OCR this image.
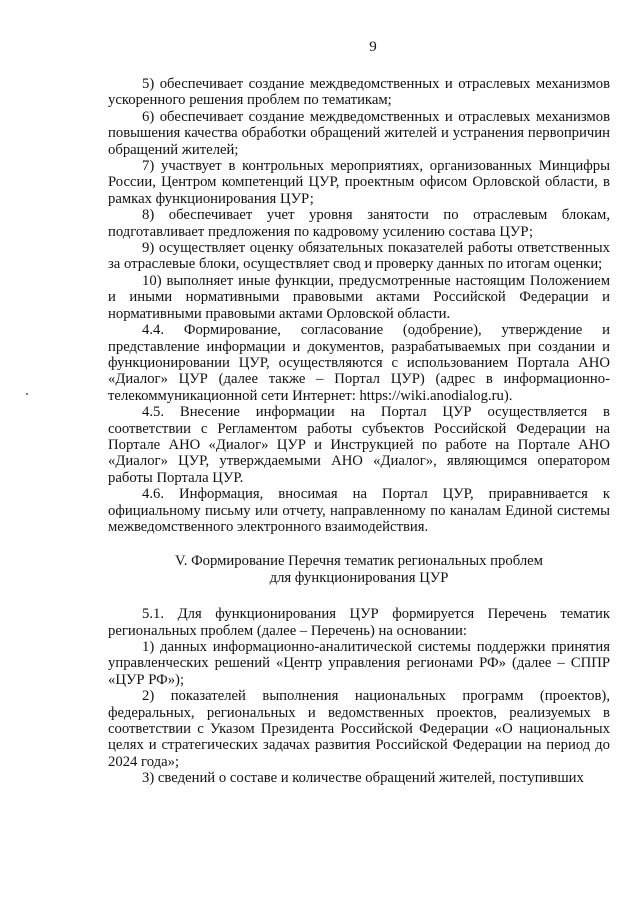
9

5) обеспечивает создание междведомственных и отраслевых механизмов ускоренного решения проблем по тематикам;

6) обеспечивает создание междведомственных и отраслевых механизмов повышения качества обработки обращений жителей и устранения первопричин обращений жителей;

7) участвует в контрольных мероприятиях, организованных Минцифры России, Центром компетенций ЦУР, проектным офисом Орловской области, в рамках функционирования ЦУР;

8) обеспечивает учет уровня занятости по отраслевым блокам, подготавливает предложения по кадровому усилению состава ЦУР;

9) осуществляет оценку обязательных показателей работы ответственных за отраслевые блоки, осуществляет свод и проверку данных по итогам оценки;

10) выполняет иные функции, предусмотренные настоящим Положением и иными нормативными правовыми актами Российской Федерации и нормативными правовыми актами Орловской области.

4.4. Формирование, согласование (одобрение), утверждение и представление информации и документов, разрабатываемых при создании и функционировании ЦУР, осуществляются с использованием Портала АНО «Диалог» ЦУР (далее также – Портал ЦУР) (адрес в информационно-телекоммуникационной сети Интернет: https://wiki.anodialog.ru).

4.5. Внесение информации на Портал ЦУР осуществляется в соответствии с Регламентом работы субъектов Российской Федерации на Портале АНО «Диалог» ЦУР и Инструкцией по работе на Портале АНО «Диалог» ЦУР, утверждаемыми АНО «Диалог», являющимся оператором работы Портала ЦУР.

4.6. Информация, вносимая на Портал ЦУР, приравнивается к официальному письму или отчету, направленному по каналам Единой системы межведомственного электронного взаимодействия.

V. Формирование Перечня тематик региональных проблем
для функционирования ЦУР

5.1. Для функционирования ЦУР формируется Перечень тематик региональных проблем (далее – Перечень) на основании:

1) данных информационно-аналитической системы поддержки принятия управленческих решений «Центр управления регионами РФ» (далее – СППР «ЦУР РФ»);

2) показателей выполнения национальных программ (проектов), федеральных, региональных и ведомственных проектов, реализуемых в соответствии с Указом Президента Российской Федерации «О национальных целях и стратегических задачах развития Российской Федерации на период до 2024 года»;

3) сведений о составе и количестве обращений жителей, поступивших
